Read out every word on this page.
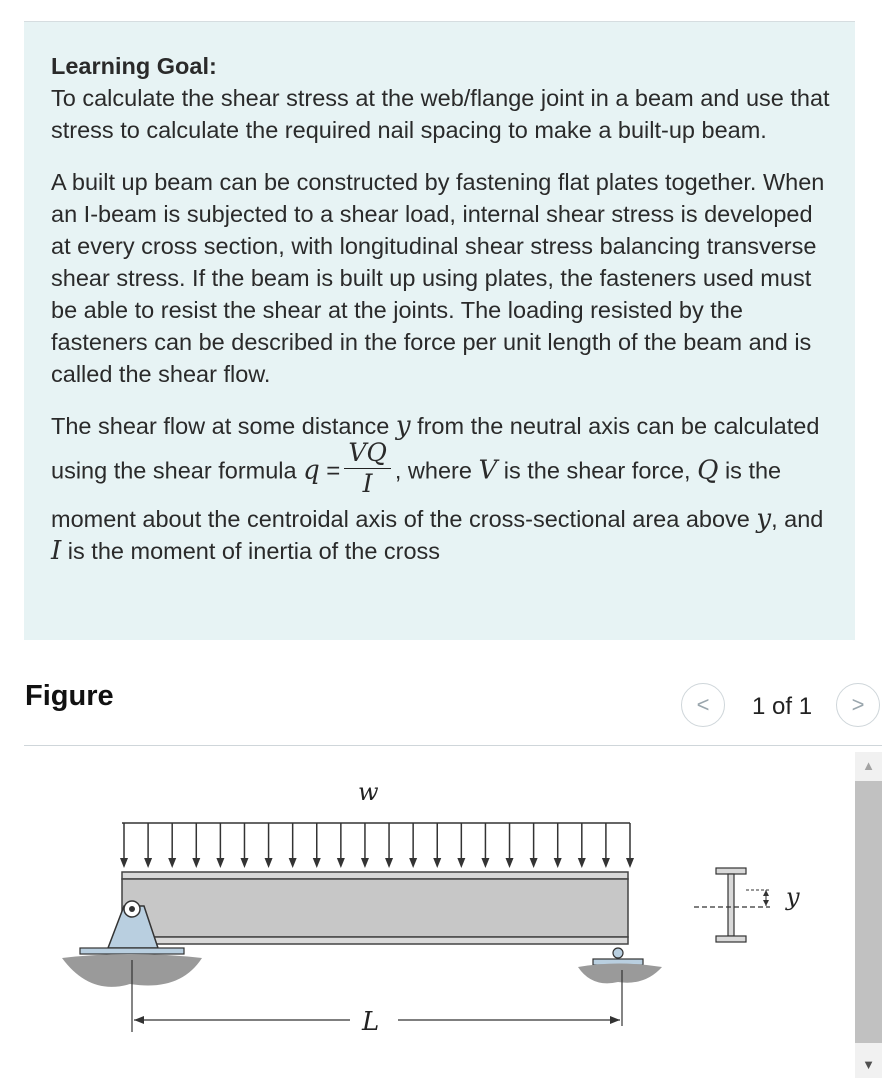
Learning Goal:
To calculate the shear stress at the web/flange joint in a beam and use that stress to calculate the required nail spacing to make a built-up beam.

A built up beam can be constructed by fastening flat plates together. When an I-beam is subjected to a shear load, internal shear stress is developed at every cross section, with longitudinal shear stress balancing transverse shear stress. If the beam is built up using plates, the fasteners used must be able to resist the shear at the joints. The loading resisted by the fasteners can be described in the force per unit length of the beam and is called the shear flow.

The shear flow at some distance y from the neutral axis can be calculated using the shear formula $q = \frac{VQ}{I}$ , where V is the shear force, Q is the moment about the centroidal axis of the cross-sectional area above y, and I is the moment of inertia of the cross

Figure	< 1 of 1 >
w
L
y
▲
▼
